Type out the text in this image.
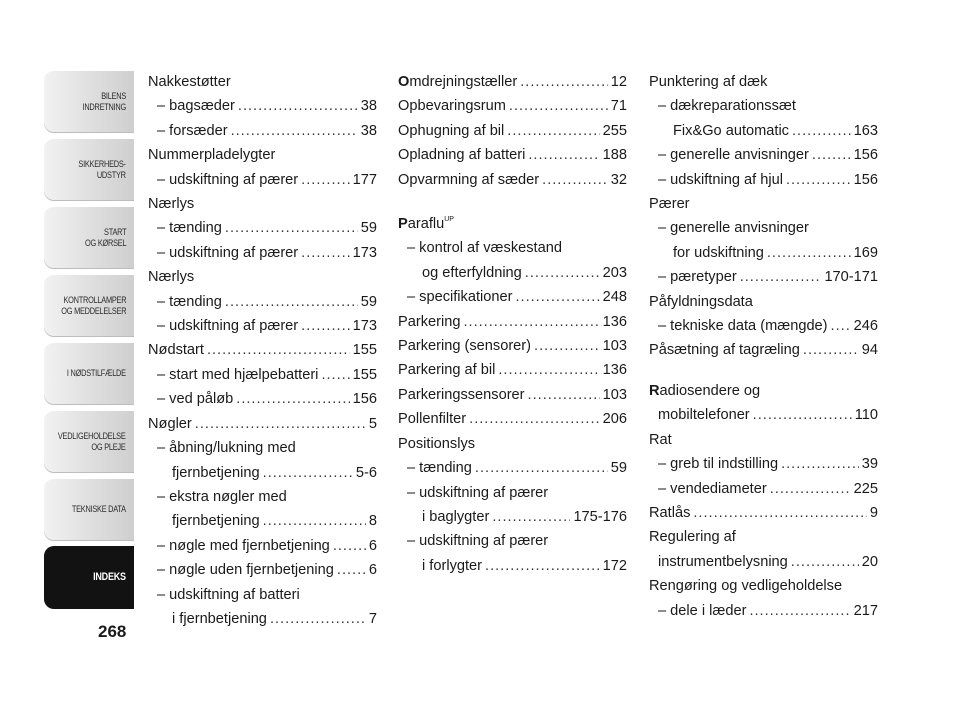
BILENS
INDRETNING
SIKKERHEDS-
UDSTYR
START
OG KØRSEL
KONTROLLAMPER
OG MEDDELELSER
I NØDSTILFÆLDE
VEDLIGEHOLDELSE
OG PLEJE
TEKNISKE DATA
INDEKS
268
Nakkestøtter
– bagsæder .....	38
– forsæder .....	38
Nummerpladelygter
– udskiftning af pærer .....	177
Nærlys
– tænding .....	59
– udskiftning af pærer .....	173
Nærlys
– tænding .....	59
– udskiftning af pærer .....	173
Nødstart .....	155
– start med hjælpebatteri ..... 155
– ved påløb .....	156
Nøgler .....	5
– åbning/lukning med
fjernbetjening .....	5-6
– ekstra nøgler med
fjernbetjening .....	8
– nøgle med fjernbetjening .....	6
– nøgle uden fjernbetjening ..... 6
– udskiftning af batteri
i fjernbetjening .....	7
Omdrejningstæller .....	12
Opbevaringsrum .....	71
Ophugning af bil .....	255
Opladning af batteri .....	188
Opvarmning af sæder .....	32
Paraflu$^{UP}$
– kontrol af væskestand
og efterfyldning .....	203
– specifikationer .....	248
Parkering .....	136
Parkering (sensorer) .....	103
Parkering af bil .....	136
Parkeringssensorer .....	103
Pollenfilter .....	206
Positionslys
– tænding .....	59
– udskiftning af pærer
i baglygter .....	175-176
– udskiftning af pærer
i forlygter .....	172
Punktering af dæk
– dækreparationssæt
Fix&Go automatic .....	163
– generelle anvisninger .....	156
– udskiftning af hjul .....	156
Pærer
– generelle anvisninger
for udskiftning .....	169
– pæretyper .....	170-171
Påfyldningsdata
– tekniske data (mængde) ..... 246
Påsætning af tagræling .....	94
Radiosendere og
mobiltelefoner .....	110
Rat
– greb til indstilling .....	39
– vendediameter .....	225
Ratlås .....	9
Regulering af
instrumentbelysning .....	20
Rengøring og vedligeholdelse
– dele i læder .....	217
